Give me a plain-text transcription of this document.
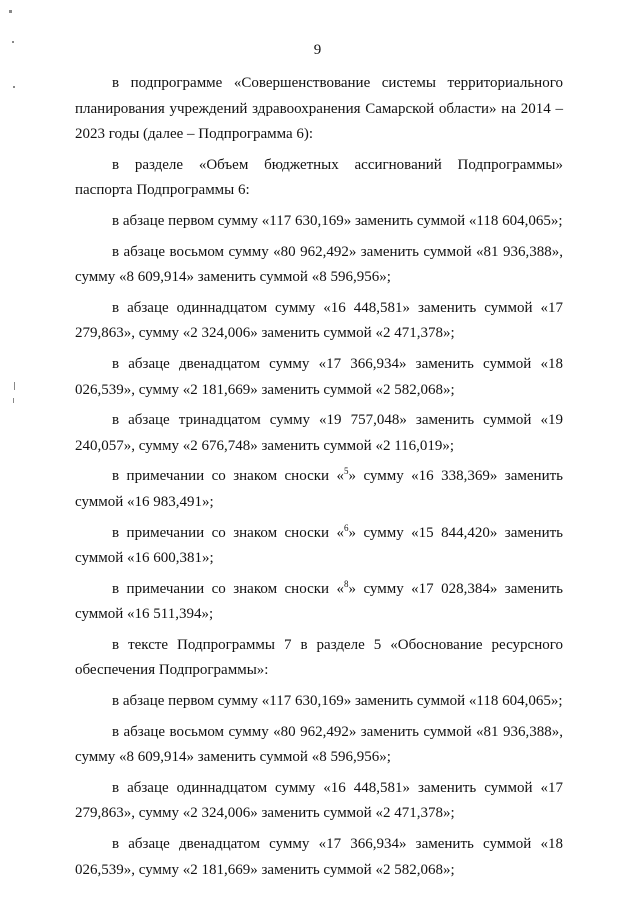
9

в подпрограмме «Совершенствование системы территориального планирования учреждений здравоохранения Самарской области» на 2014 – 2023 годы (далее – Подпрограмма 6):

в разделе «Объем бюджетных ассигнований Подпрограммы» паспорта Подпрограммы 6:

в абзаце первом сумму «117 630,169» заменить суммой «118 604,065»;

в абзаце восьмом сумму «80 962,492» заменить суммой «81 936,388», сумму «8 609,914» заменить суммой «8 596,956»;

в абзаце одиннадцатом сумму «16 448,581» заменить суммой «17 279,863», сумму «2 324,006» заменить суммой «2 471,378»;

в абзаце двенадцатом сумму «17 366,934» заменить суммой «18 026,539», сумму «2 181,669» заменить суммой «2 582,068»;

в абзаце тринадцатом сумму «19 757,048» заменить суммой «19 240,057», сумму «2 676,748» заменить суммой «2 116,019»;

в примечании со знаком сноски «$^5$» сумму «16 338,369» заменить суммой «16 983,491»;

в примечании со знаком сноски «$^6$» сумму «15 844,420» заменить суммой «16 600,381»;

в примечании со знаком сноски «$^8$» сумму «17 028,384» заменить суммой «16 511,394»;

в тексте Подпрограммы 7 в разделе 5 «Обоснование ресурсного обеспечения Подпрограммы»:

в абзаце первом сумму «117 630,169» заменить суммой «118 604,065»;

в абзаце восьмом сумму «80 962,492» заменить суммой «81 936,388», сумму «8 609,914» заменить суммой «8 596,956»;

в абзаце одиннадцатом сумму «16 448,581» заменить суммой «17 279,863», сумму «2 324,006» заменить суммой «2 471,378»;

в абзаце двенадцатом сумму «17 366,934» заменить суммой «18 026,539», сумму «2 181,669» заменить суммой «2 582,068»;
